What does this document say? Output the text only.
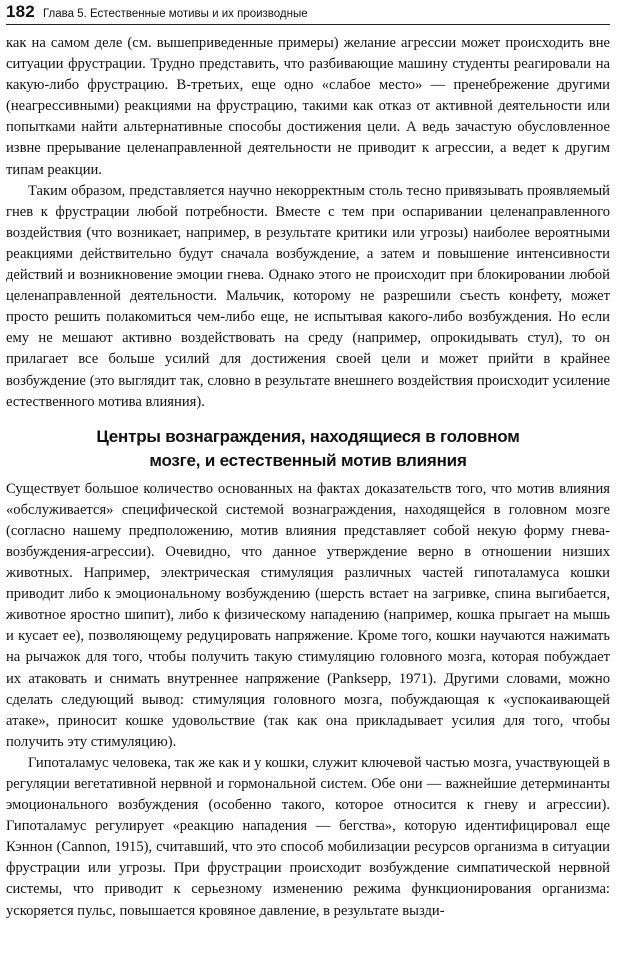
182 Глава 5. Естественные мотивы и их производные

как на самом деле (см. вышеприведенные примеры) желание агрессии может происходить вне ситуации фрустрации. Трудно представить, что разбивающие машину студенты реагировали на какую-либо фрустрацию. В-третьих, еще одно «слабое место» — пренебрежение другими (неагрессивными) реакциями на фрустрацию, такими как отказ от активной деятельности или попытками найти альтернативные способы достижения цели. А ведь зачастую обусловленное извне прерывание целенаправленной деятельности не приводит к агрессии, а ведет к другим типам реакции.

Таким образом, представляется научно некорректным столь тесно привязывать проявляемый гнев к фрустрации любой потребности. Вместе с тем при оспаривании целенаправленного воздействия (что возникает, например, в результате критики или угрозы) наиболее вероятными реакциями действительно будут сначала возбуждение, а затем и повышение интенсивности действий и возникновение эмоции гнева. Однако этого не происходит при блокировании любой целенаправленной деятельности. Мальчик, которому не разрешили съесть конфету, может просто решить полакомиться чем-либо еще, не испытывая какого-либо возбуждения. Но если ему не мешают активно воздействовать на среду (например, опрокидывать стул), то он прилагает все больше усилий для достижения своей цели и может прийти в крайнее возбуждение (это выглядит так, словно в результате внешнего воздействия происходит усиление естественного мотива влияния).

Центры вознаграждения, находящиеся в головном
мозге, и естественный мотив влияния

Существует большое количество основанных на фактах доказательств того, что мотив влияния «обслуживается» специфической системой вознаграждения, находящейся в головном мозге (согласно нашему предположению, мотив влияния представляет собой некую форму гнева-возбуждения-агрессии). Очевидно, что данное утверждение верно в отношении низших животных. Например, электрическая стимуляция различных частей гипоталамуса кошки приводит либо к эмоциональному возбуждению (шерсть встает на загривке, спина выгибается, животное яростно шипит), либо к физическому нападению (например, кошка прыгает на мышь и кусает ее), позволяющему редуцировать напряжение. Кроме того, кошки научаются нажимать на рычажок для того, чтобы получить такую стимуляцию головного мозга, которая побуждает их атаковать и снимать внутреннее напряжение (Panksepp, 1971). Другими словами, можно сделать следующий вывод: стимуляция головного мозга, побуждающая к «успокаивающей атаке», приносит кошке удовольствие (так как она прикладывает усилия для того, чтобы получить эту стимуляцию).

Гипоталамус человека, так же как и у кошки, служит ключевой частью мозга, участвующей в регуляции вегетативной нервной и гормональной систем. Обе они — важнейшие детерминанты эмоционального возбуждения (особенно такого, которое относится к гневу и агрессии). Гипоталамус регулирует «реакцию нападения — бегства», которую идентифицировал еще Кэннон (Cannon, 1915), считавший, что это способ мобилизации ресурсов организма в ситуации фрустрации или угрозы. При фрустрации происходит возбуждение симпатической нервной системы, что приводит к серьезному изменению режима функционирования организма: ускоряется пульс, повышается кровяное давление, в результате вызди-
